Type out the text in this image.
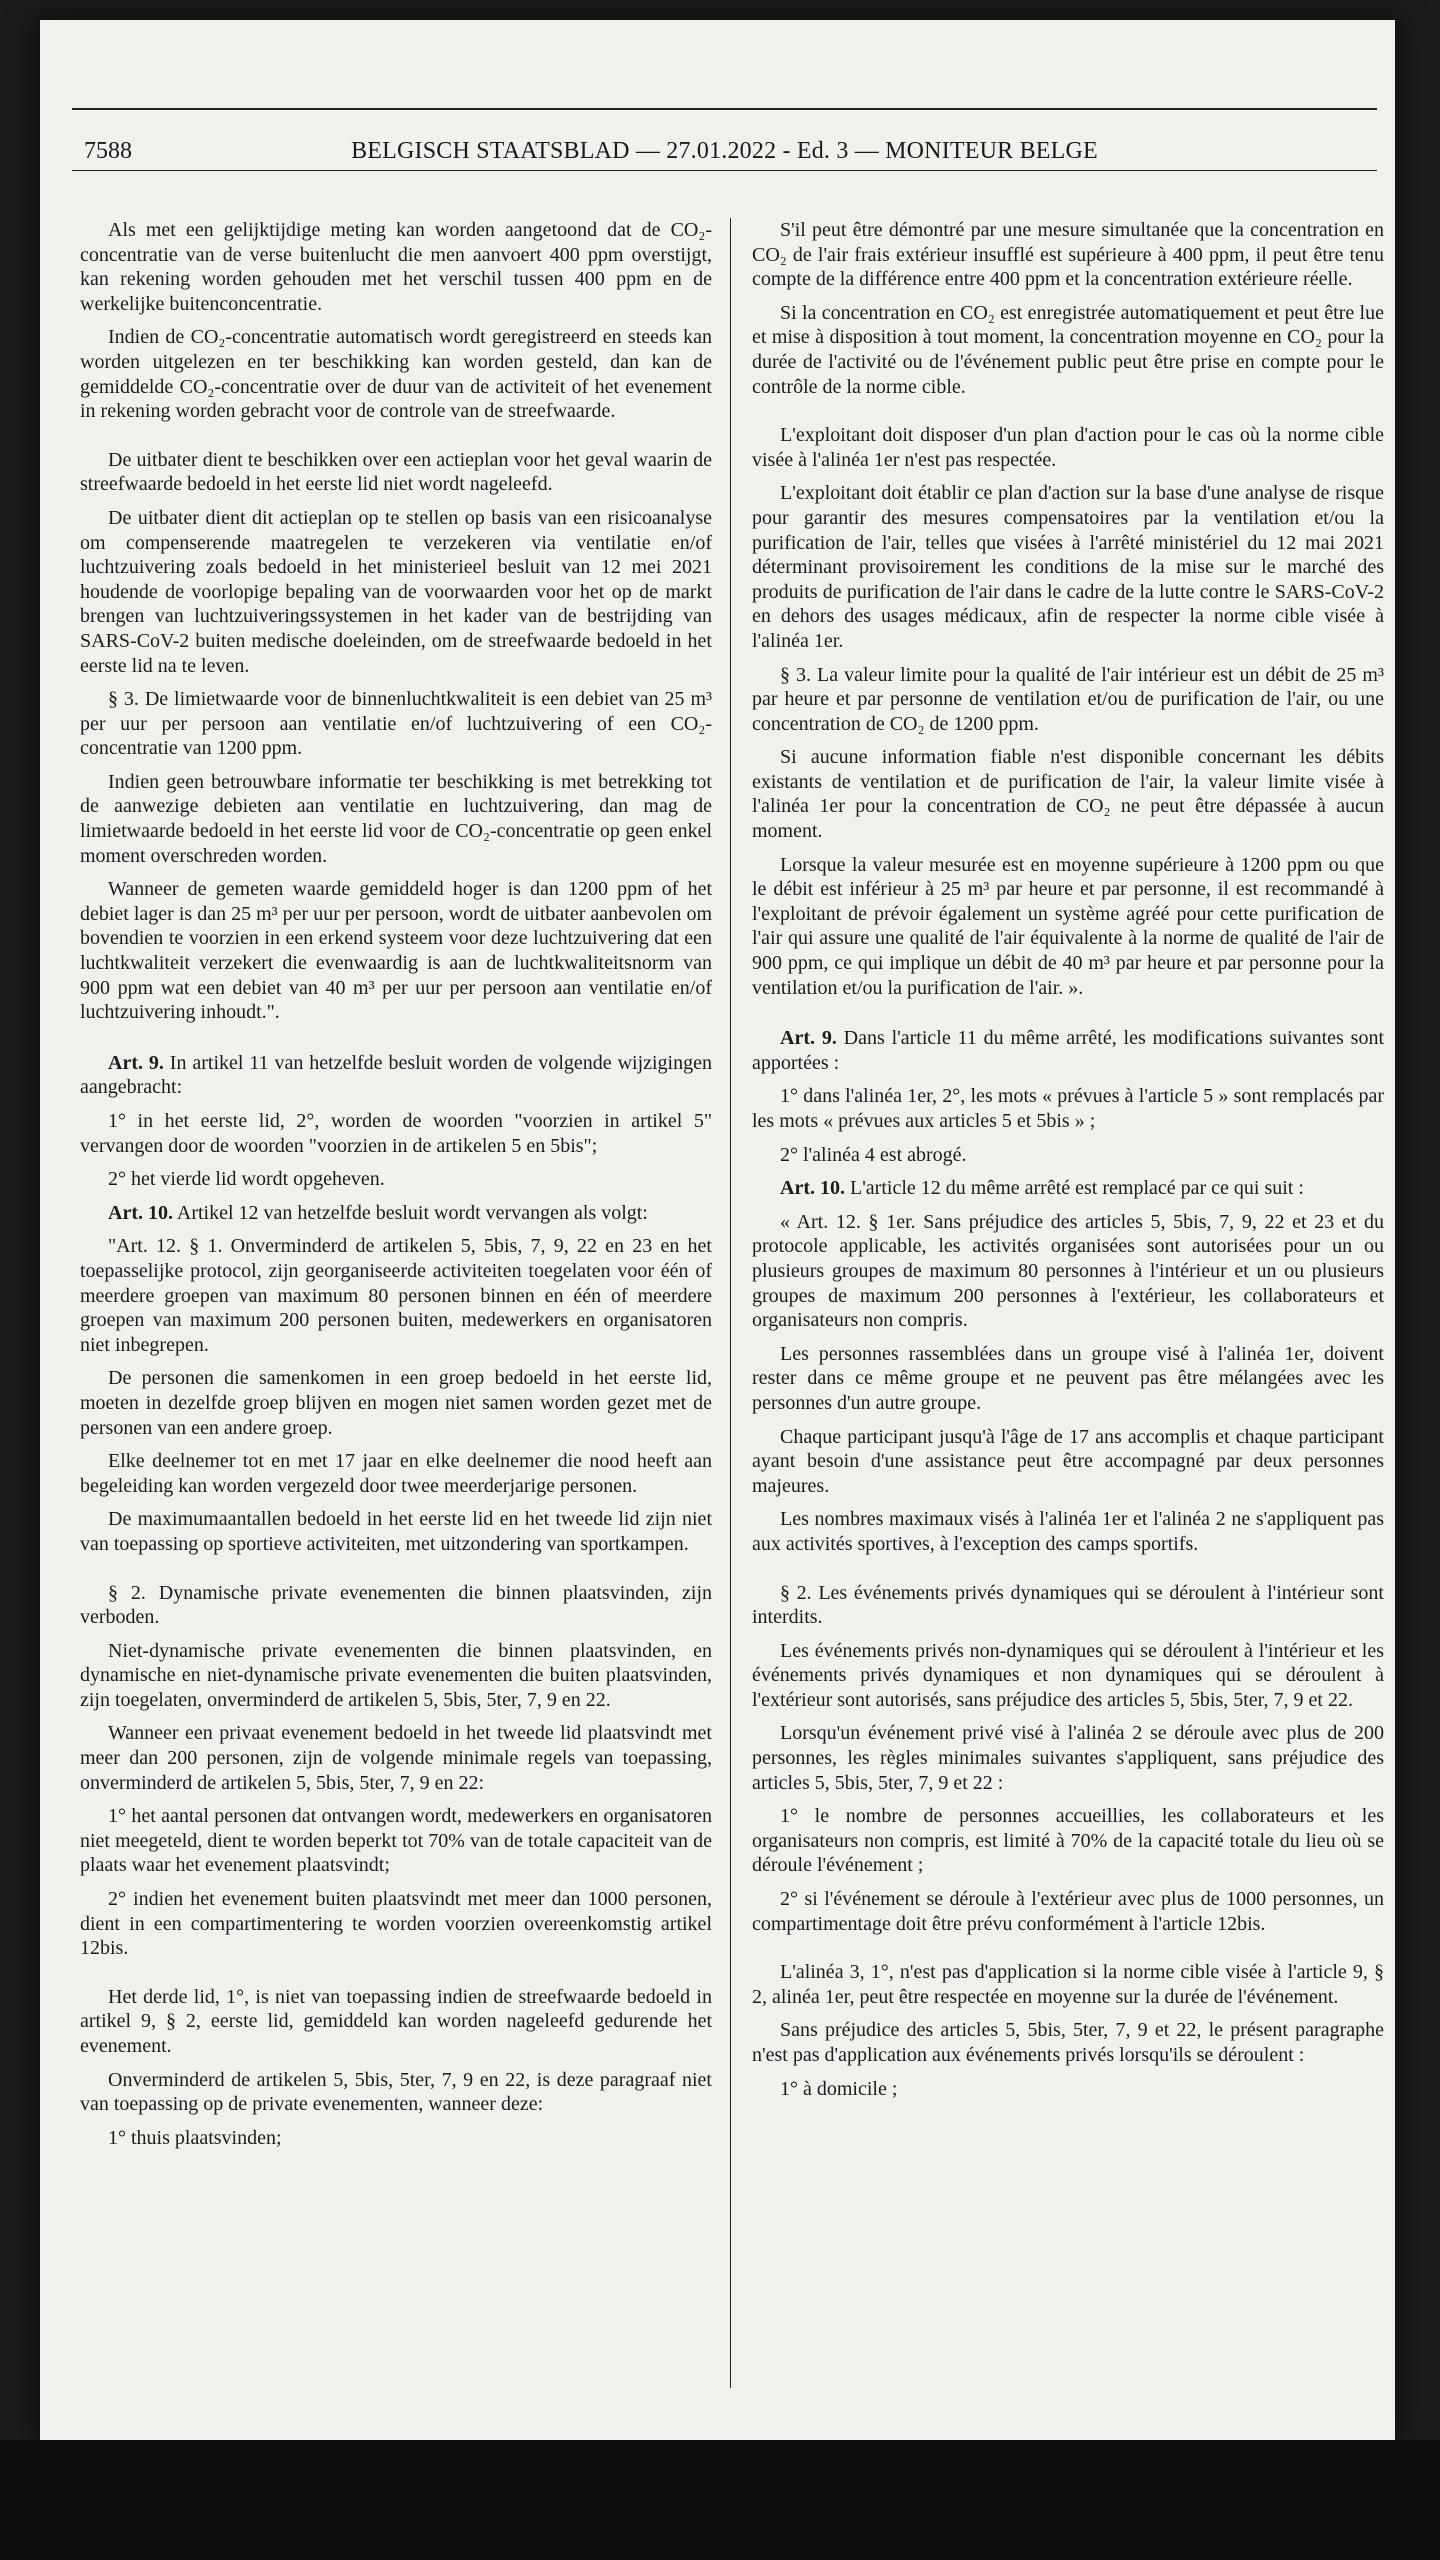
7588	BELGISCH STAATSBLAD — 27.01.2022 - Ed. 3 — MONITEUR BELGE

Als met een gelijktijdige meting kan worden aangetoond dat de CO₂-concentratie van de verse buitenlucht die men aanvoert 400 ppm overstijgt, kan rekening worden gehouden met het verschil tussen 400 ppm en de werkelijke buitenconcentratie.

Indien de CO₂-concentratie automatisch wordt geregistreerd en steeds kan worden uitgelezen en ter beschikking kan worden gesteld, dan kan de gemiddelde CO₂-concentratie over de duur van de activiteit of het evenement in rekening worden gebracht voor de controle van de streefwaarde.

De uitbater dient te beschikken over een actieplan voor het geval waarin de streefwaarde bedoeld in het eerste lid niet wordt nageleefd.

De uitbater dient dit actieplan op te stellen op basis van een risicoanalyse om compenserende maatregelen te verzekeren via ventilatie en/of luchtzuivering zoals bedoeld in het ministerieel besluit van 12 mei 2021 houdende de voorlopige bepaling van de voorwaarden voor het op de markt brengen van luchtzuiveringssystemen in het kader van de bestrijding van SARS-CoV-2 buiten medische doeleinden, om de streefwaarde bedoeld in het eerste lid na te leven.

§ 3. De limietwaarde voor de binnenluchtkwaliteit is een debiet van 25 m³ per uur per persoon aan ventilatie en/of luchtzuivering of een CO₂-concentratie van 1200 ppm.

Indien geen betrouwbare informatie ter beschikking is met betrekking tot de aanwezige debieten aan ventilatie en luchtzuivering, dan mag de limietwaarde bedoeld in het eerste lid voor de CO₂-concentratie op geen enkel moment overschreden worden.

Wanneer de gemeten waarde gemiddeld hoger is dan 1200 ppm of het debiet lager is dan 25 m³ per uur per persoon, wordt de uitbater aanbevolen om bovendien te voorzien in een erkend systeem voor deze luchtzuivering dat een luchtkwaliteit verzekert die evenwaardig is aan de luchtkwaliteitsnorm van 900 ppm wat een debiet van 40 m³ per uur per persoon aan ventilatie en/of luchtzuivering inhoudt.".

Art. 9. In artikel 11 van hetzelfde besluit worden de volgende wijzigingen aangebracht:

1° in het eerste lid, 2°, worden de woorden "voorzien in artikel 5" vervangen door de woorden "voorzien in de artikelen 5 en 5bis";

2° het vierde lid wordt opgeheven.

Art. 10. Artikel 12 van hetzelfde besluit wordt vervangen als volgt:

"Art. 12. § 1. Onverminderd de artikelen 5, 5bis, 7, 9, 22 en 23 en het toepasselijke protocol, zijn georganiseerde activiteiten toegelaten voor één of meerdere groepen van maximum 80 personen binnen en één of meerdere groepen van maximum 200 personen buiten, medewerkers en organisatoren niet inbegrepen.

De personen die samenkomen in een groep bedoeld in het eerste lid, moeten in dezelfde groep blijven en mogen niet samen worden gezet met de personen van een andere groep.

Elke deelnemer tot en met 17 jaar en elke deelnemer die nood heeft aan begeleiding kan worden vergezeld door twee meerderjarige personen.

De maximumaantallen bedoeld in het eerste lid en het tweede lid zijn niet van toepassing op sportieve activiteiten, met uitzondering van sportkampen.

§ 2. Dynamische private evenementen die binnen plaatsvinden, zijn verboden.

Niet-dynamische private evenementen die binnen plaatsvinden, en dynamische en niet-dynamische private evenementen die buiten plaatsvinden, zijn toegelaten, onverminderd de artikelen 5, 5bis, 5ter, 7, 9 en 22.

Wanneer een privaat evenement bedoeld in het tweede lid plaatsvindt met meer dan 200 personen, zijn de volgende minimale regels van toepassing, onverminderd de artikelen 5, 5bis, 5ter, 7, 9 en 22:

1° het aantal personen dat ontvangen wordt, medewerkers en organisatoren niet meegeteld, dient te worden beperkt tot 70% van de totale capaciteit van de plaats waar het evenement plaatsvindt;

2° indien het evenement buiten plaatsvindt met meer dan 1000 personen, dient in een compartimentering te worden voorzien overeenkomstig artikel 12bis.

Het derde lid, 1°, is niet van toepassing indien de streefwaarde bedoeld in artikel 9, § 2, eerste lid, gemiddeld kan worden nageleefd gedurende het evenement.

Onverminderd de artikelen 5, 5bis, 5ter, 7, 9 en 22, is deze paragraaf niet van toepassing op de private evenementen, wanneer deze:

1° thuis plaatsvinden;

S'il peut être démontré par une mesure simultanée que la concentration en CO₂ de l'air frais extérieur insufflé est supérieure à 400 ppm, il peut être tenu compte de la différence entre 400 ppm et la concentration extérieure réelle.

Si la concentration en CO₂ est enregistrée automatiquement et peut être lue et mise à disposition à tout moment, la concentration moyenne en CO₂ pour la durée de l'activité ou de l'événement public peut être prise en compte pour le contrôle de la norme cible.

L'exploitant doit disposer d'un plan d'action pour le cas où la norme cible visée à l'alinéa 1er n'est pas respectée.

L'exploitant doit établir ce plan d'action sur la base d'une analyse de risque pour garantir des mesures compensatoires par la ventilation et/ou la purification de l'air, telles que visées à l'arrêté ministériel du 12 mai 2021 déterminant provisoirement les conditions de la mise sur le marché des produits de purification de l'air dans le cadre de la lutte contre le SARS-CoV-2 en dehors des usages médicaux, afin de respecter la norme cible visée à l'alinéa 1er.

§ 3. La valeur limite pour la qualité de l'air intérieur est un débit de 25 m³ par heure et par personne de ventilation et/ou de purification de l'air, ou une concentration de CO₂ de 1200 ppm.

Si aucune information fiable n'est disponible concernant les débits existants de ventilation et de purification de l'air, la valeur limite visée à l'alinéa 1er pour la concentration de CO₂ ne peut être dépassée à aucun moment.

Lorsque la valeur mesurée est en moyenne supérieure à 1200 ppm ou que le débit est inférieur à 25 m³ par heure et par personne, il est recommandé à l'exploitant de prévoir également un système agréé pour cette purification de l'air qui assure une qualité de l'air équivalente à la norme de qualité de l'air de 900 ppm, ce qui implique un débit de 40 m³ par heure et par personne pour la ventilation et/ou la purification de l'air. ».

Art. 9. Dans l'article 11 du même arrêté, les modifications suivantes sont apportées :

1° dans l'alinéa 1er, 2°, les mots « prévues à l'article 5 » sont remplacés par les mots « prévues aux articles 5 et 5bis » ;

2° l'alinéa 4 est abrogé.

Art. 10. L'article 12 du même arrêté est remplacé par ce qui suit :

« Art. 12. § 1er. Sans préjudice des articles 5, 5bis, 7, 9, 22 et 23 et du protocole applicable, les activités organisées sont autorisées pour un ou plusieurs groupes de maximum 80 personnes à l'intérieur et un ou plusieurs groupes de maximum 200 personnes à l'extérieur, les collaborateurs et organisateurs non compris.

Les personnes rassemblées dans un groupe visé à l'alinéa 1er, doivent rester dans ce même groupe et ne peuvent pas être mélangées avec les personnes d'un autre groupe.

Chaque participant jusqu'à l'âge de 17 ans accomplis et chaque participant ayant besoin d'une assistance peut être accompagné par deux personnes majeures.

Les nombres maximaux visés à l'alinéa 1er et l'alinéa 2 ne s'appliquent pas aux activités sportives, à l'exception des camps sportifs.

§ 2. Les événements privés dynamiques qui se déroulent à l'intérieur sont interdits.

Les événements privés non-dynamiques qui se déroulent à l'intérieur et les événements privés dynamiques et non dynamiques qui se déroulent à l'extérieur sont autorisés, sans préjudice des articles 5, 5bis, 5ter, 7, 9 et 22.

Lorsqu'un événement privé visé à l'alinéa 2 se déroule avec plus de 200 personnes, les règles minimales suivantes s'appliquent, sans préjudice des articles 5, 5bis, 5ter, 7, 9 et 22 :

1° le nombre de personnes accueillies, les collaborateurs et les organisateurs non compris, est limité à 70% de la capacité totale du lieu où se déroule l'événement ;

2° si l'événement se déroule à l'extérieur avec plus de 1000 personnes, un compartimentage doit être prévu conformément à l'article 12bis.

L'alinéa 3, 1°, n'est pas d'application si la norme cible visée à l'article 9, § 2, alinéa 1er, peut être respectée en moyenne sur la durée de l'événement.

Sans préjudice des articles 5, 5bis, 5ter, 7, 9 et 22, le présent paragraphe n'est pas d'application aux événements privés lorsqu'ils se déroulent :

1° à domicile ;
